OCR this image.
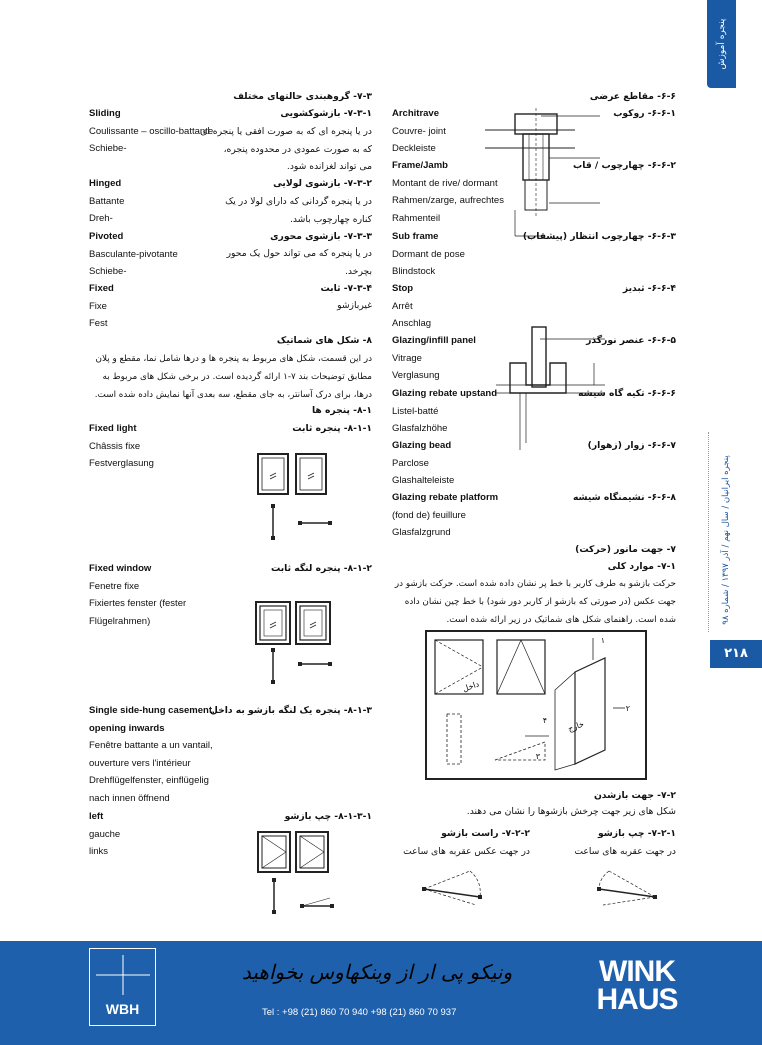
پنجره آموزش
پنجره ایرانیان / سال نهم / آذر ۱۳۹۷ / شماره ۹۸
۲۱۸
۷-۳- گروهبندی حالتهای مختلف
۷-۳-۱- بازشوکشویی
Sliding
Coulissante – oscillo-battante
Schiebe-
در یا پنجره ای که به صورت افقی یا پنجره ای
که به صورت عمودی در محدوده پنجره،
می تواند لغزانده شود.
۷-۳-۲- بازشوی لولایی
Hinged
Battante
Dreh-
در یا پنجره گردانی که دارای لولا در یک
کناره چهارچوب باشد.
۷-۳-۳- بازشوی محوری
Pivoted
Basculante-pivotante
Schiebe-
در یا پنجره که می تواند حول یک محور
بچرخد.
۷-۳-۴- ثابت
Fixed
Fixe
Fest
غیربازشو
۸- شکل های شماتیک
در این قسمت، شکل های مربوط به پنجره ها و درها شامل نما، مقطع و پلان مطابق توضیحات بند ۷-۱ ارائه گردیده است. در برخی شکل های مربوط به درها، برای درک آسانتر، به جای مقطع، سه بعدی آنها نمایش داده شده است.
۸-۱- پنجره ها
۸-۱-۱- پنجره ثابت
Fixed light
Châssis fixe
Festverglasung
۸-۱-۲- پنجره لنگه ثابت
Fixed window
Fenetre fixe
Fixiertes fenster (fester
Flügelrahmen)
۸-۱-۳- پنجره یک لنگه بازشو به داخل
Single side-hung casement,
opening inwards
Fenêtre battante a un vantail,
ouverture vers l'intérieur
Drehflügelfenster, einflügelig
nach innen öffnend
۸-۱-۳-۱- چپ بازشو
left
gauche
links
۶-۶- مقاطع عرضی
۶-۶-۱- روکوب
Architrave
Couvre- joint
Deckleiste
۶-۶-۲- چهارچوب / قاب
Frame/Jamb
Montant de rive/ dormant
Rahmen/zarge, aufrechtes
Rahmenteil
۶-۶-۳- چهارچوب انتظار (پیشقاب)
Sub frame
Dormant de pose
Blindstock
۶-۶-۴- ثبدیز
Stop
Arrêt
Anschlag
۶-۶-۵- عنصر نورگذر
Glazing/infill panel
Vitrage
Verglasung
۶-۶-۶- تکیه گاه شیشه
Glazing rebate upstand
Listel-batté
Glasfalzhöhe
۶-۶-۷- زوار (زهوار)
Glazing bead
Parclose
Glashalteleiste
۶-۶-۸- نشیمنگاه شیشه
Glazing rebate platform
(fond de) feuillure
Glasfalzgrund
۷- جهت مانور (حرکت)
۷-۱- موارد کلی
حرکت بازشو به طرف کاربر با خط پر نشان داده شده است. حرکت بازشو در جهت عکس (در صورتی که بازشو از کاربر دور شود) با خط چین نشان داده شده است. راهنمای شکل های شماتیک در زیر ارائه شده است.
داخل
خارج
۱
۲
۳
۴
۷-۲- جهت بازشدن
شکل های زیر جهت چرخش بازشوها را نشان می دهند.
۷-۲-۱- چپ بازشو
در جهت عقربه های ساعت
۷-۲-۲- راست بازشو
در جهت عکس عقربه های ساعت
WBH
ونیکو پی ار از وینکهاوس بخواهید
Tel : +98 (21) 860 70 940 +98 (21) 860 70 937
WINK
HAUS
